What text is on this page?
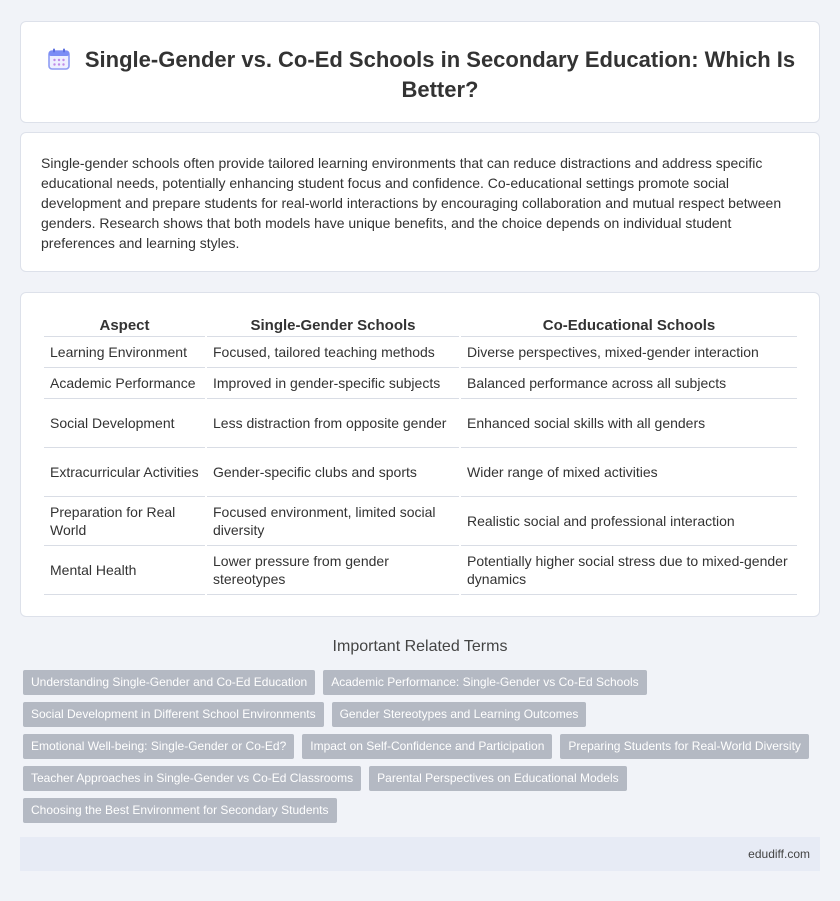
Single-Gender vs. Co-Ed Schools in Secondary Education: Which Is Better?

Single-gender schools often provide tailored learning environments that can reduce distractions and address specific educational needs, potentially enhancing student focus and confidence. Co-educational settings promote social development and prepare students for real-world interactions by encouraging collaboration and mutual respect between genders. Research shows that both models have unique benefits, and the choice depends on individual student preferences and learning styles.

Aspect	Single-Gender Schools	Co-Educational Schools
Learning Environment	Focused, tailored teaching methods	Diverse perspectives, mixed-gender interaction
Academic Performance	Improved in gender-specific subjects	Balanced performance across all subjects
Social Development	Less distraction from opposite gender	Enhanced social skills with all genders
Extracurricular Activities	Gender-specific clubs and sports	Wider range of mixed activities
Preparation for Real World	Focused environment, limited social diversity	Realistic social and professional interaction
Mental Health	Lower pressure from gender stereotypes	Potentially higher social stress due to mixed-gender dynamics
Important Related Terms
Understanding Single-Gender and Co-Ed Education	Academic Performance: Single-Gender vs Co-Ed Schools
Social Development in Different School Environments	Gender Stereotypes and Learning Outcomes
Emotional Well-being: Single-Gender or Co-Ed?	Impact on Self-Confidence and Participation	Preparing Students for Real-World Diversity
Teacher Approaches in Single-Gender vs Co-Ed Classrooms	Parental Perspectives on Educational Models
Choosing the Best Environment for Secondary Students
edudiff.com
